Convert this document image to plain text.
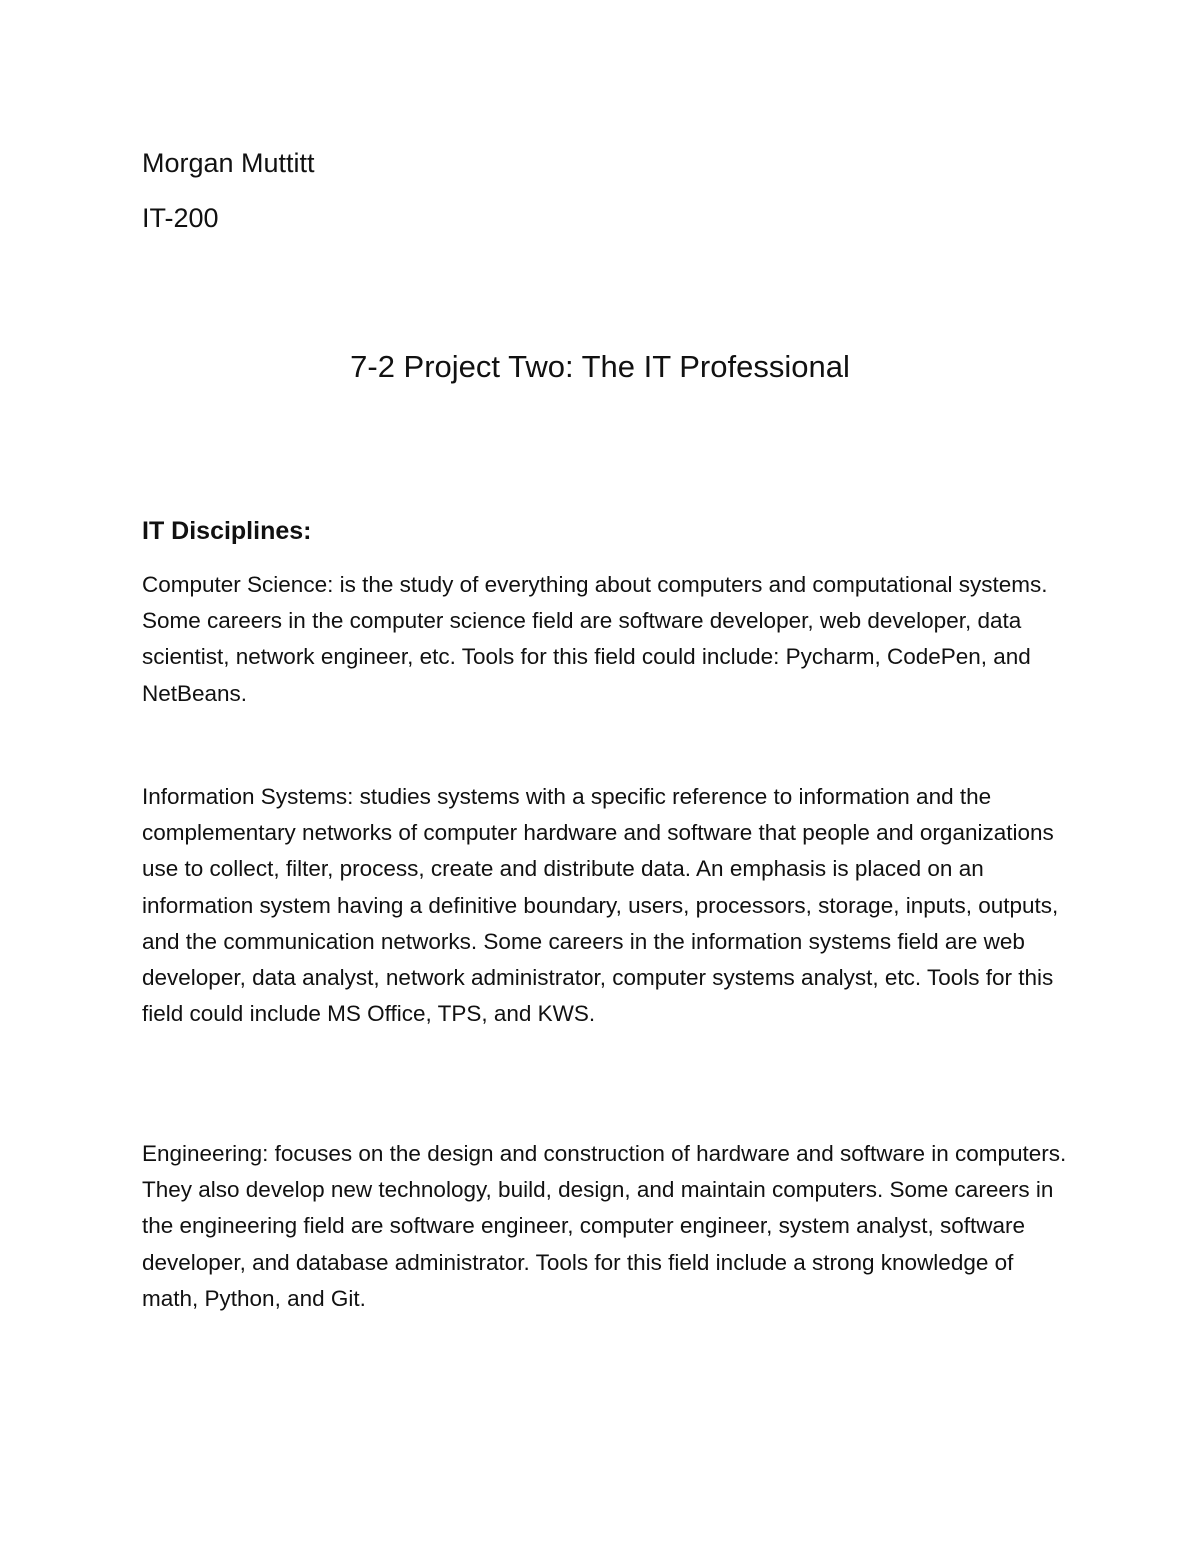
Morgan Muttitt
IT-200
7-2 Project Two: The IT Professional
IT Disciplines:

Computer Science: is the study of everything about computers and computational systems. Some careers in the computer science field are software developer, web developer, data scientist, network engineer, etc. Tools for this field could include: Pycharm, CodePen, and NetBeans.

Information Systems: studies systems with a specific reference to information and the complementary networks of computer hardware and software that people and organizations use to collect, filter, process, create and distribute data. An emphasis is placed on an information system having a definitive boundary, users, processors, storage, inputs, outputs, and the communication networks. Some careers in the information systems field are web developer, data analyst, network administrator, computer systems analyst, etc. Tools for this field could include MS Office, TPS, and KWS.

Engineering: focuses on the design and construction of hardware and software in computers. They also develop new technology, build, design, and maintain computers. Some careers in the engineering field are software engineer, computer engineer, system analyst, software developer, and database administrator. Tools for this field include a strong knowledge of math, Python, and Git.
